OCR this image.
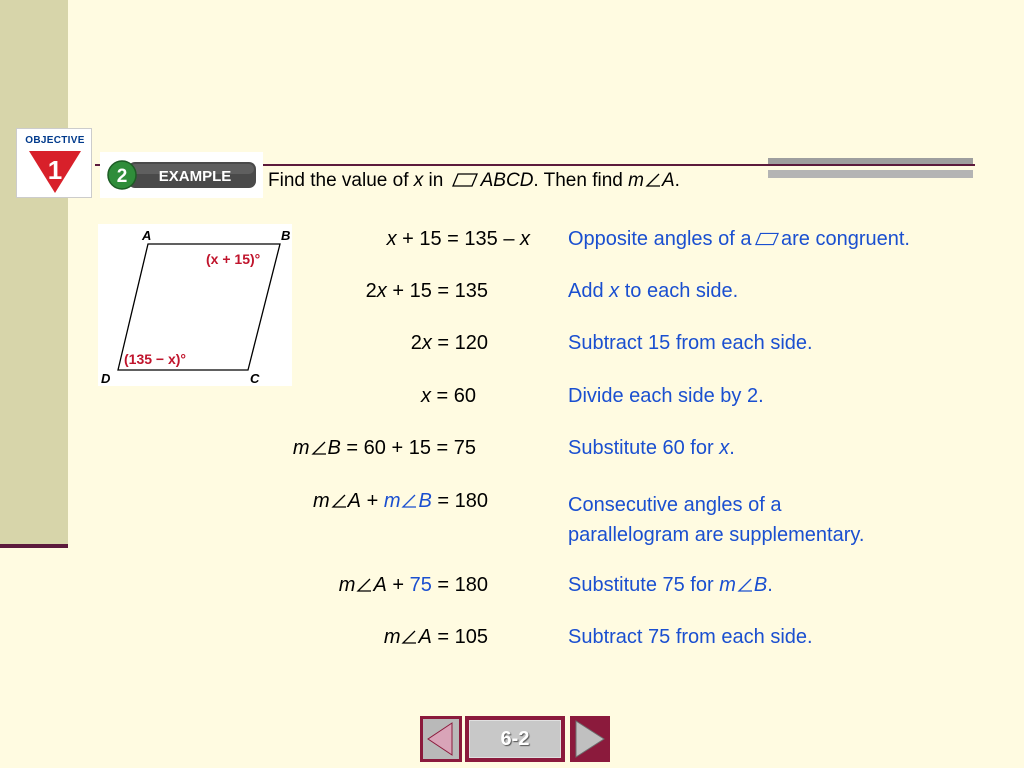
OBJECTIVE
1	2 EXAMPLE Find the value of x in ABCD. Then find m A.
A	B
C
D
(x + 15)°
(135 − x)°
x + 15 = 135 – x Opposite angles of a are congruent.
2x + 15 = 135	Add x to each side.
2x = 120	Subtract 15 from each side.
x = 60	Divide each side by 2.
m B = 60 + 15 = 75	Substitute 60 for x.
m A + m B = 180	Consecutive angles of a
parallelogram are supplementary.
m A + 75 = 180	Substitute 75 for m B.
m A = 105	Subtract 75 from each side.
6-2
